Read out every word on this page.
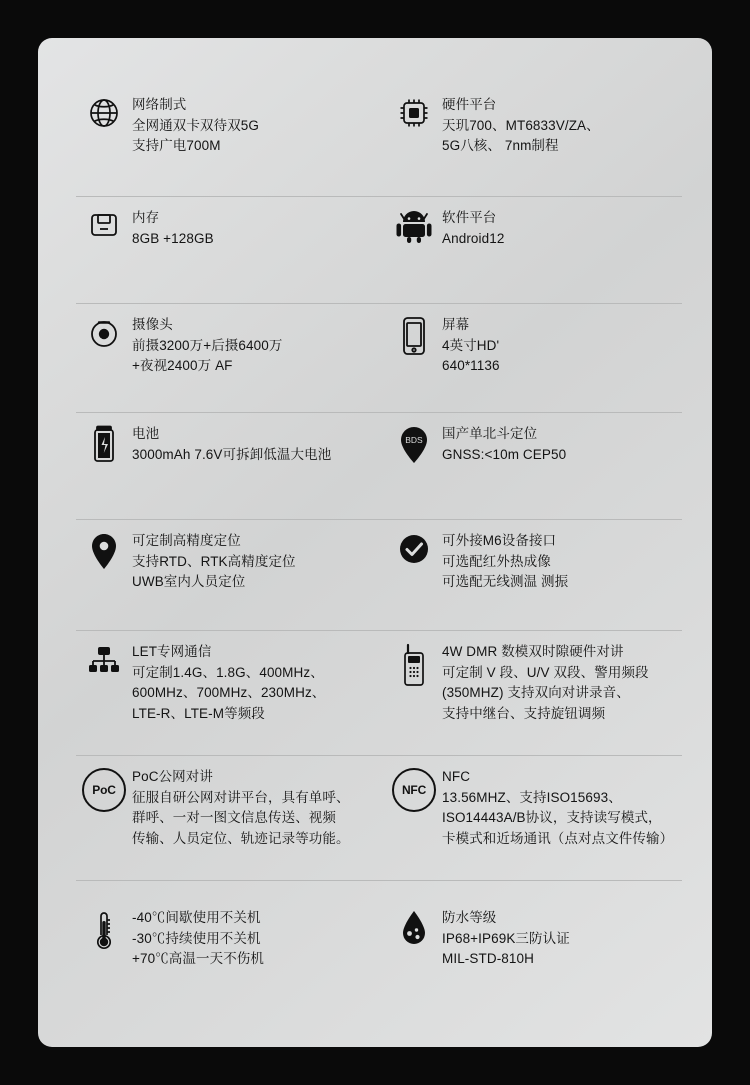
网络制式
全网通双卡双待双5G
支持广电700M
硬件平台
天玑700、MT6833V/ZA、
5G八核、 7nm制程
内存
8GB +128GB
软件平台
Android12
摄像头
前摄3200万+后摄6400万
+夜视2400万 AF
屏幕
4英寸HD'
640*1136
电池
3000mAh 7.6V可拆卸低温大电池
BDS 国产单北斗定位
GNSS:<10m CEP50
可定制高精度定位
支持RTD、RTK高精度定位
UWB室内人员定位
可外接M6设备接口
可选配红外热成像
可选配无线测温 测振
LET专网通信
可定制1.4G、1.8G、400MHz、
600MHz、700MHz、230MHz、
LTE-R、LTE-M等频段
4W DMR 数模双时隙硬件对讲
可定制 V 段、U/V 双段、警用频段
(350MHZ) 支持双向对讲录音、
支持中继台、支持旋钮调频
PoC
PoC公网对讲
征服自研公网对讲平台，具有单呼、
群呼、一对一图文信息传送、视频
传输、人员定位、轨迹记录等功能。
NFC
NFC
13.56MHZ、支持ISO15693、
ISO14443A/B协议，支持读写模式，
卡模式和近场通讯（点对点文件传输）
-40℃间歇使用不关机
-30℃持续使用不关机
+70℃高温一天不伤机
防水等级
IP68+IP69K三防认证
MIL-STD-810H
